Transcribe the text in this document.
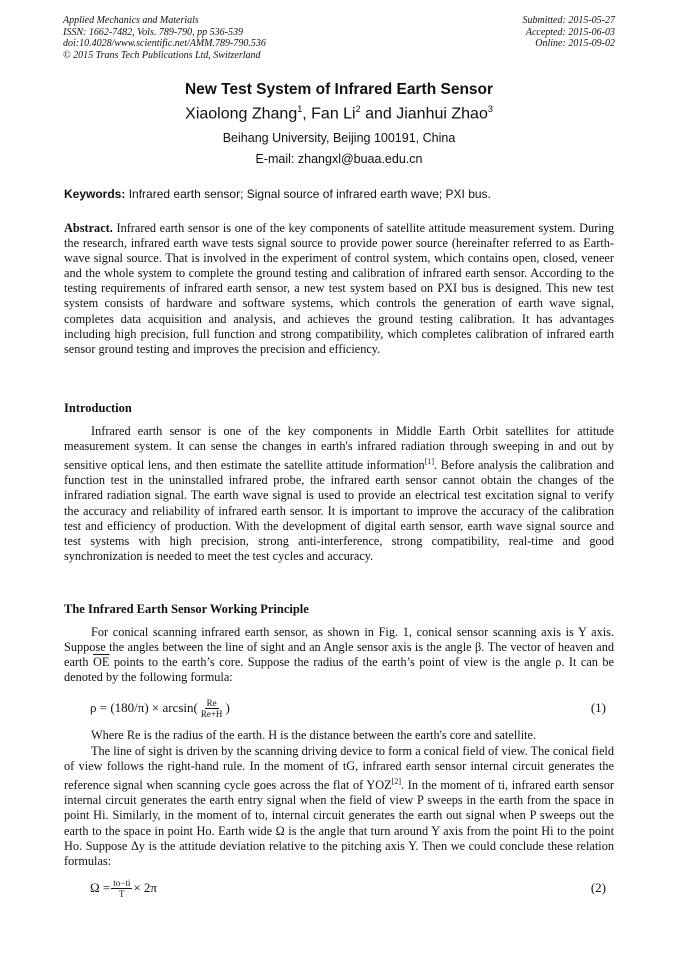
Applied Mechanics and Materials
ISSN: 1662-7482, Vols. 789-790, pp 536-539
doi:10.4028/www.scientific.net/AMM.789-790.536
© 2015 Trans Tech Publications Ltd, Switzerland
Submitted: 2015-05-27
Accepted: 2015-06-03
Online: 2015-09-02
New Test System of Infrared Earth Sensor
Xiaolong Zhang$^1$, Fan Li$^2$ and Jianhui Zhao$^3$
Beihang University, Beijing 100191, China
E-mail: zhangxl@buaa.edu.cn
Keywords: Infrared earth sensor; Signal source of infrared earth wave; PXI bus.

Abstract. Infrared earth sensor is one of the key components of satellite attitude measurement system. During the research, infrared earth wave tests signal source to provide power source (hereinafter referred to as Earth-wave signal source. That is involved in the experiment of control system, which contains open, closed, veneer and the whole system to complete the ground testing and calibration of infrared earth sensor. According to the testing requirements of infrared earth sensor, a new test system based on PXI bus is designed. This new test system consists of hardware and software systems, which controls the generation of earth wave signal, completes data acquisition and analysis, and achieves the ground testing calibration. It has advantages including high precision, full function and strong compatibility, which completes calibration of infrared earth sensor ground testing and improves the precision and efficiency.

Introduction

Infrared earth sensor is one of the key components in Middle Earth Orbit satellites for attitude measurement system. It can sense the changes in earth's infrared radiation through sweeping in and out by sensitive optical lens, and then estimate the satellite attitude information[1]. Before analysis the calibration and function test in the uninstalled infrared probe, the infrared earth sensor cannot obtain the changes of the infrared radiation signal. The earth wave signal is used to provide an electrical test excitation signal to verify the accuracy and reliability of infrared earth sensor. It is important to improve the accuracy of the calibration test and efficiency of production. With the development of digital earth sensor, earth wave signal source and test systems with high precision, strong anti-interference, strong compatibility, real-time and good synchronization is needed to meet the test cycles and accuracy.

The Infrared Earth Sensor Working Principle

For conical scanning infrared earth sensor, as shown in Fig. 1, conical sensor scanning axis is Y axis. Suppose the angles between the line of sight and an Angle sensor axis is the angle β. The vector of heaven and earth $\overline{OE}$ points to the earth’s core. Suppose the radius of the earth’s point of view is the angle ρ. It can be denoted by the following formula:

$\rho = (180/\pi) \times \arcsin( \frac{Re}{Re+H}$ )	(1)

Where Re is the radius of the earth. H is the distance between the earth's core and satellite.

The line of sight is driven by the scanning driving device to form a conical field of view. The conical field of view follows the right-hand rule. In the moment of tG, infrared earth sensor internal circuit generates the reference signal when scanning cycle goes across the flat of YOZ[2]. In the moment of ti, infrared earth sensor internal circuit generates the earth entry signal when the field of view P sweeps in the earth from the space in point Hi. Similarly, in the moment of to, internal circuit generates the earth out signal when P sweeps out the earth to the space in point Ho. Earth wide Ω is the angle that turn around Y axis from the point Hi to the point Ho. Suppose Δy is the attitude deviation relative to the pitching axis Y. Then we could conclude these relation formulas:

$\Omega = \frac{to-ti}{T} \times 2\pi$	(2)
